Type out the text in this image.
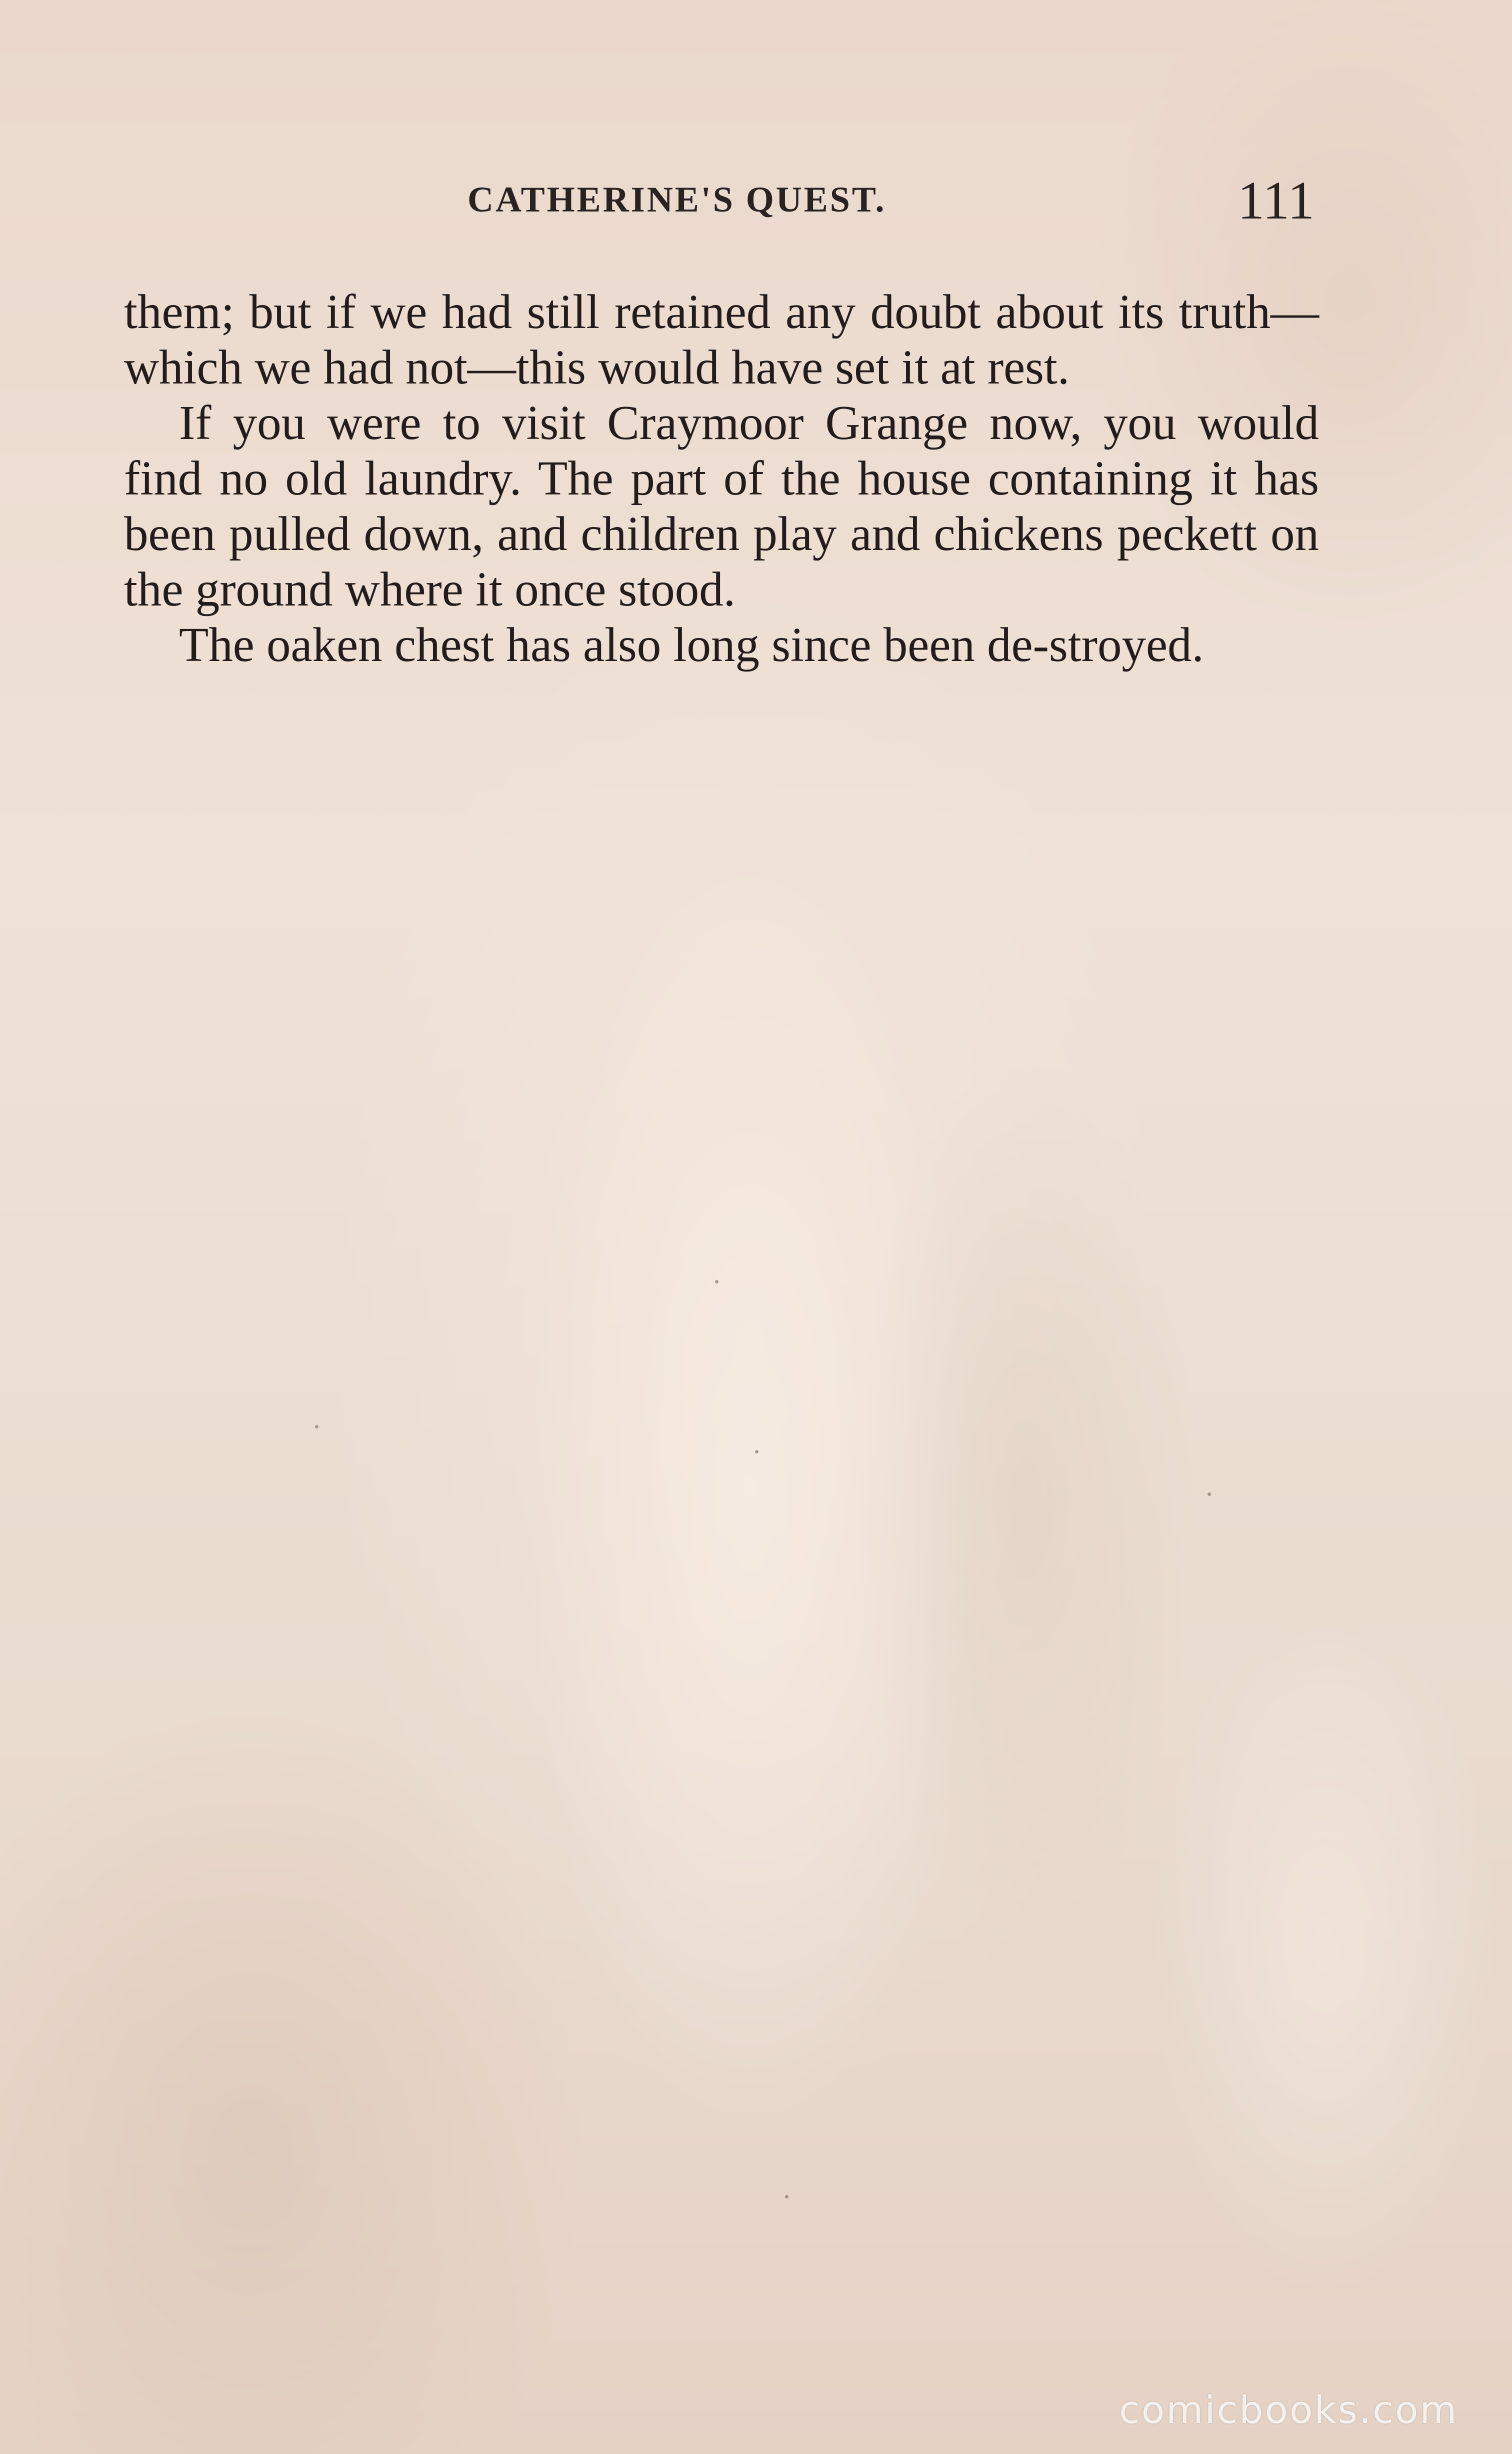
CATHERINE'S QUEST.	111

them; but if we had still retained any doubt about its truth—which we had not—this would have set it at rest.

If you were to visit Craymoor Grange now, you would find no old laundry. The part of the house containing it has been pulled down, and children play and chickens peckett on the ground where it once stood.

The oaken chest has also long since been de-stroyed.

comicbooks.com
